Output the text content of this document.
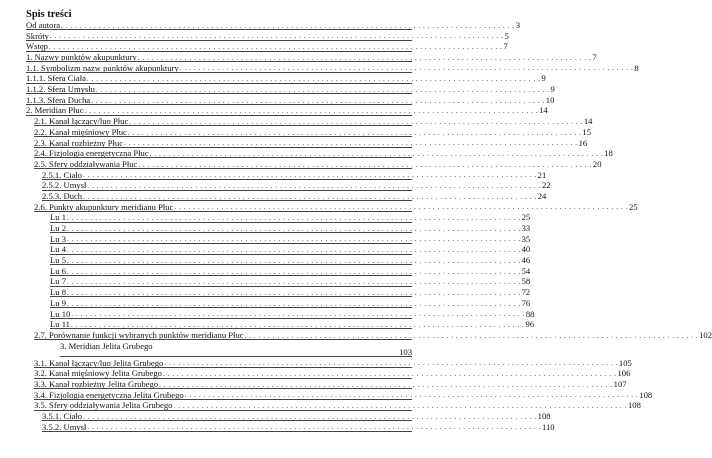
Spis treści
Od autora . . . . . . . . . . . . . . . . . . . . . . . . . . . . . . . . . . . . . . . . . . . . . . . . . . . . . . . . . . . . . . . . . . . . . . . . . . . . . . . . . . . . . . . . . . . . . . . . . 3
Skróty . . . . . . . . . . . . . . . . . . . . . . . . . . . . . . . . . . . . . . . . . . . . . . . . . . . . . . . . . . . . . . . . . . . . . . . . . . . . . . . . . . . . . . . . . . . . . . . . . 5
Wstęp . . . . . . . . . . . . . . . . . . . . . . . . . . . . . . . . . . . . . . . . . . . . . . . . . . . . . . . . . . . . . . . . . . . . . . . . . . . . . . . . . . . . . . . . . . . . . . . . . 7
1. Nazwy punktów akupunktury . . . . . . . . . . . . . . . . . . . . . . . . . . . . . . . . . . . . . . . . . . . . . . . . . . . . . . . . . . . . . . . . . . . . . . . . . . . . . . . . . . . . . . . . . . . . . . . . . 7
1.1. Symbolizm nazw punktów akupunktury . . . . . . . . . . . . . . . . . . . . . . . . . . . . . . . . . . . . . . . . . . . . . . . . . . . . . . . . . . . . . . . . . . . . . . . . . . . . . . . . . . . . . . . . . . . . . . . . . 8
1.1.1. Sfera Ciała . . . . . . . . . . . . . . . . . . . . . . . . . . . . . . . . . . . . . . . . . . . . . . . . . . . . . . . . . . . . . . . . . . . . . . . . . . . . . . . . . . . . . . . . . . . . . . . . . 9
1.1.2. Sfera Umysłu . . . . . . . . . . . . . . . . . . . . . . . . . . . . . . . . . . . . . . . . . . . . . . . . . . . . . . . . . . . . . . . . . . . . . . . . . . . . . . . . . . . . . . . . . . . . . . . . . 9
1.1.3. Sfera Ducha . . . . . . . . . . . . . . . . . . . . . . . . . . . . . . . . . . . . . . . . . . . . . . . . . . . . . . . . . . . . . . . . . . . . . . . . . . . . . . . . . . . . . . . . . . . . . . . . . 10
2. Meridian Płuc . . . . . . . . . . . . . . . . . . . . . . . . . . . . . . . . . . . . . . . . . . . . . . . . . . . . . . . . . . . . . . . . . . . . . . . . . . . . . . . . . . . . . . . . . . . . . . . . . 14
2.1. Kanał łączący/luo Płuc . . . . . . . . . . . . . . . . . . . . . . . . . . . . . . . . . . . . . . . . . . . . . . . . . . . . . . . . . . . . . . . . . . . . . . . . . . . . . . . . . . . . . . . . . . . . . . . . . 14
2.2. Kanał mięśniowy Płuc . . . . . . . . . . . . . . . . . . . . . . . . . . . . . . . . . . . . . . . . . . . . . . . . . . . . . . . . . . . . . . . . . . . . . . . . . . . . . . . . . . . . . . . . . . . . . . . . . 15
2.3. Kanał rozbieżny Płuc . . . . . . . . . . . . . . . . . . . . . . . . . . . . . . . . . . . . . . . . . . . . . . . . . . . . . . . . . . . . . . . . . . . . . . . . . . . . . . . . . . . . . . . . . . . . . . . . . 16
2.4. Fizjologia energetyczna Płuc . . . . . . . . . . . . . . . . . . . . . . . . . . . . . . . . . . . . . . . . . . . . . . . . . . . . . . . . . . . . . . . . . . . . . . . . . . . . . . . . . . . . . . . . . . . . . . . . . 18
2.5. Sfery oddziaływania Płuc . . . . . . . . . . . . . . . . . . . . . . . . . . . . . . . . . . . . . . . . . . . . . . . . . . . . . . . . . . . . . . . . . . . . . . . . . . . . . . . . . . . . . . . . . . . . . . . . . 20
2.5.1. Ciało . . . . . . . . . . . . . . . . . . . . . . . . . . . . . . . . . . . . . . . . . . . . . . . . . . . . . . . . . . . . . . . . . . . . . . . . . . . . . . . . . . . . . . . . . . . . . . . . . 21
2.5.2. Umysł . . . . . . . . . . . . . . . . . . . . . . . . . . . . . . . . . . . . . . . . . . . . . . . . . . . . . . . . . . . . . . . . . . . . . . . . . . . . . . . . . . . . . . . . . . . . . . . . . 22
2.5.3. Duch . . . . . . . . . . . . . . . . . . . . . . . . . . . . . . . . . . . . . . . . . . . . . . . . . . . . . . . . . . . . . . . . . . . . . . . . . . . . . . . . . . . . . . . . . . . . . . . . . 24
2.6. Punkty akupunktury meridianu Płuc . . . . . . . . . . . . . . . . . . . . . . . . . . . . . . . . . . . . . . . . . . . . . . . . . . . . . . . . . . . . . . . . . . . . . . . . . . . . . . . . . . . . . . . . . . . . . . . . . 25
Lu 1 . . . . . . . . . . . . . . . . . . . . . . . . . . . . . . . . . . . . . . . . . . . . . . . . . . . . . . . . . . . . . . . . . . . . . . . . . . . . . . . . . . . . . . . . . . . . . . . . . 25
Lu 2 . . . . . . . . . . . . . . . . . . . . . . . . . . . . . . . . . . . . . . . . . . . . . . . . . . . . . . . . . . . . . . . . . . . . . . . . . . . . . . . . . . . . . . . . . . . . . . . . . 33
Lu 3 . . . . . . . . . . . . . . . . . . . . . . . . . . . . . . . . . . . . . . . . . . . . . . . . . . . . . . . . . . . . . . . . . . . . . . . . . . . . . . . . . . . . . . . . . . . . . . . . . 35
Lu 4 . . . . . . . . . . . . . . . . . . . . . . . . . . . . . . . . . . . . . . . . . . . . . . . . . . . . . . . . . . . . . . . . . . . . . . . . . . . . . . . . . . . . . . . . . . . . . . . . . 40
Lu 5 . . . . . . . . . . . . . . . . . . . . . . . . . . . . . . . . . . . . . . . . . . . . . . . . . . . . . . . . . . . . . . . . . . . . . . . . . . . . . . . . . . . . . . . . . . . . . . . . . 46
Lu 6 . . . . . . . . . . . . . . . . . . . . . . . . . . . . . . . . . . . . . . . . . . . . . . . . . . . . . . . . . . . . . . . . . . . . . . . . . . . . . . . . . . . . . . . . . . . . . . . . . 54
Lu 7 . . . . . . . . . . . . . . . . . . . . . . . . . . . . . . . . . . . . . . . . . . . . . . . . . . . . . . . . . . . . . . . . . . . . . . . . . . . . . . . . . . . . . . . . . . . . . . . . . 58
Lu 8 . . . . . . . . . . . . . . . . . . . . . . . . . . . . . . . . . . . . . . . . . . . . . . . . . . . . . . . . . . . . . . . . . . . . . . . . . . . . . . . . . . . . . . . . . . . . . . . . . 72
Lu 9 . . . . . . . . . . . . . . . . . . . . . . . . . . . . . . . . . . . . . . . . . . . . . . . . . . . . . . . . . . . . . . . . . . . . . . . . . . . . . . . . . . . . . . . . . . . . . . . . . 76
Lu 10 . . . . . . . . . . . . . . . . . . . . . . . . . . . . . . . . . . . . . . . . . . . . . . . . . . . . . . . . . . . . . . . . . . . . . . . . . . . . . . . . . . . . . . . . . . . . . . . . . 88
Lu 11 . . . . . . . . . . . . . . . . . . . . . . . . . . . . . . . . . . . . . . . . . . . . . . . . . . . . . . . . . . . . . . . . . . . . . . . . . . . . . . . . . . . . . . . . . . . . . . . . . 96
2.7. Porównanie funkcji wybranych punktów meridianu Płuc . . . . . . . . . . . . . . . . . . . . . . . . . . . . . . . . . . . . . . . . . . . . . . . . . . . . . . . . . . . . . . . . . . . . . . . . . . . . . . . . . . . . . . . . . . . . . . . . . 102
3. Meridian Jelita Grubego
103
3.1. Kanał łączący/luo Jelita Grubego . . . . . . . . . . . . . . . . . . . . . . . . . . . . . . . . . . . . . . . . . . . . . . . . . . . . . . . . . . . . . . . . . . . . . . . . . . . . . . . . . . . . . . . . . . . . . . . . . 105
3.2. Kanał mięśniowy Jelita Grubego . . . . . . . . . . . . . . . . . . . . . . . . . . . . . . . . . . . . . . . . . . . . . . . . . . . . . . . . . . . . . . . . . . . . . . . . . . . . . . . . . . . . . . . . . . . . . . . . . 106
3.3. Kanał rozbieżny Jelita Grubego . . . . . . . . . . . . . . . . . . . . . . . . . . . . . . . . . . . . . . . . . . . . . . . . . . . . . . . . . . . . . . . . . . . . . . . . . . . . . . . . . . . . . . . . . . . . . . . . . 107
3.4. Fizjologia energetyczna Jelita Grubego . . . . . . . . . . . . . . . . . . . . . . . . . . . . . . . . . . . . . . . . . . . . . . . . . . . . . . . . . . . . . . . . . . . . . . . . . . . . . . . . . . . . . . . . . . . . . . . . . 108
3.5. Sfery oddziaływania Jelita Grubego . . . . . . . . . . . . . . . . . . . . . . . . . . . . . . . . . . . . . . . . . . . . . . . . . . . . . . . . . . . . . . . . . . . . . . . . . . . . . . . . . . . . . . . . . . . . . . . . . 108
3.5.1. Ciało . . . . . . . . . . . . . . . . . . . . . . . . . . . . . . . . . . . . . . . . . . . . . . . . . . . . . . . . . . . . . . . . . . . . . . . . . . . . . . . . . . . . . . . . . . . . . . . . . 108
3.5.2. Umysł . . . . . . . . . . . . . . . . . . . . . . . . . . . . . . . . . . . . . . . . . . . . . . . . . . . . . . . . . . . . . . . . . . . . . . . . . . . . . . . . . . . . . . . . . . . . . . . . . 110
